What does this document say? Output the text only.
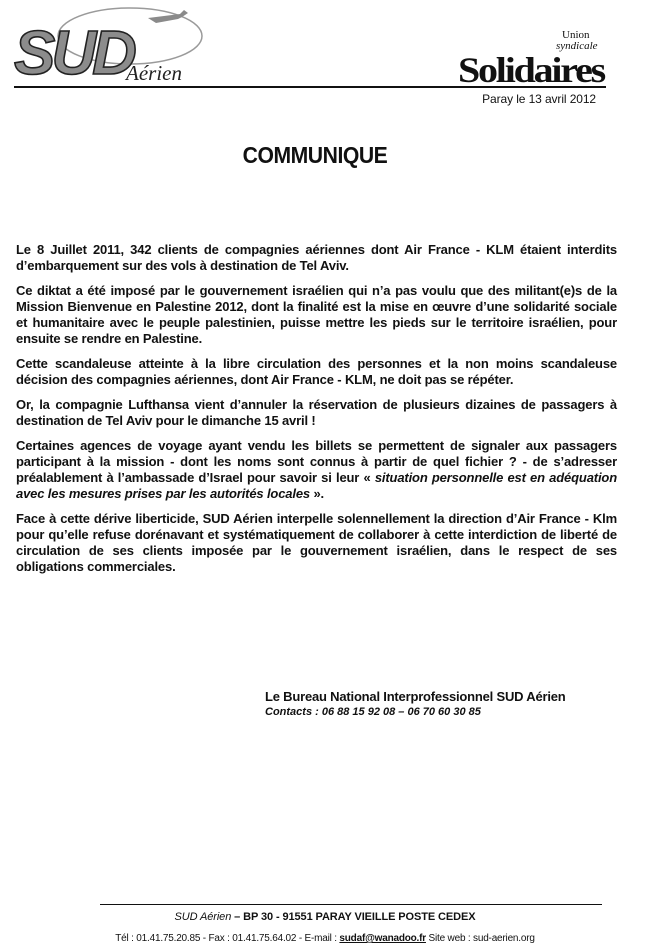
SUD
Aérien
Union
syndicale
Solidaires
Paray le 13 avril 2012
COMMUNIQUE

Le 8 Juillet 2011, 342 clients de compagnies aériennes dont Air France - KLM étaient interdits d’embarquement sur des vols à destination de Tel Aviv.

Ce diktat a été imposé par le gouvernement israélien qui n’a pas voulu que des militant(e)s de la Mission Bienvenue en Palestine 2012, dont la finalité est la mise en œuvre d’une solidarité sociale et humanitaire avec le peuple palestinien, puisse mettre les pieds sur le territoire israélien, pour ensuite se rendre en Palestine.

Cette scandaleuse atteinte à la libre circulation des personnes et la non moins scandaleuse décision des compagnies aériennes, dont Air France - KLM, ne doit pas se répéter.

Or, la compagnie Lufthansa vient d’annuler la réservation de plusieurs dizaines de passagers à destination de Tel Aviv pour le dimanche 15 avril !

Certaines agences de voyage ayant vendu les billets se permettent de signaler aux passagers participant à la mission - dont les noms sont connus à partir de quel fichier ? - de s’adresser préalablement à l’ambassade d’Israel pour savoir si leur « situation personnelle est en adéquation avec les mesures prises par les autorités locales ».

Face à cette dérive liberticide, SUD Aérien interpelle solennellement la direction d’Air France - Klm pour qu’elle refuse dorénavant et systématiquement de collaborer à cette interdiction de liberté de circulation de ses clients imposée par le gouvernement israélien, dans le respect de ses obligations commerciales.

Le Bureau National Interprofessionnel SUD Aérien
Contacts : 06 88 15 92 08 – 06 70 60 30 85
SUD Aérien – BP 30 - 91551 PARAY VIEILLE POSTE CEDEX
Tél : 01.41.75.20.85 - Fax : 01.41.75.64.02 - E-mail : sudaf@wanadoo.fr Site web : sud-aerien.org
